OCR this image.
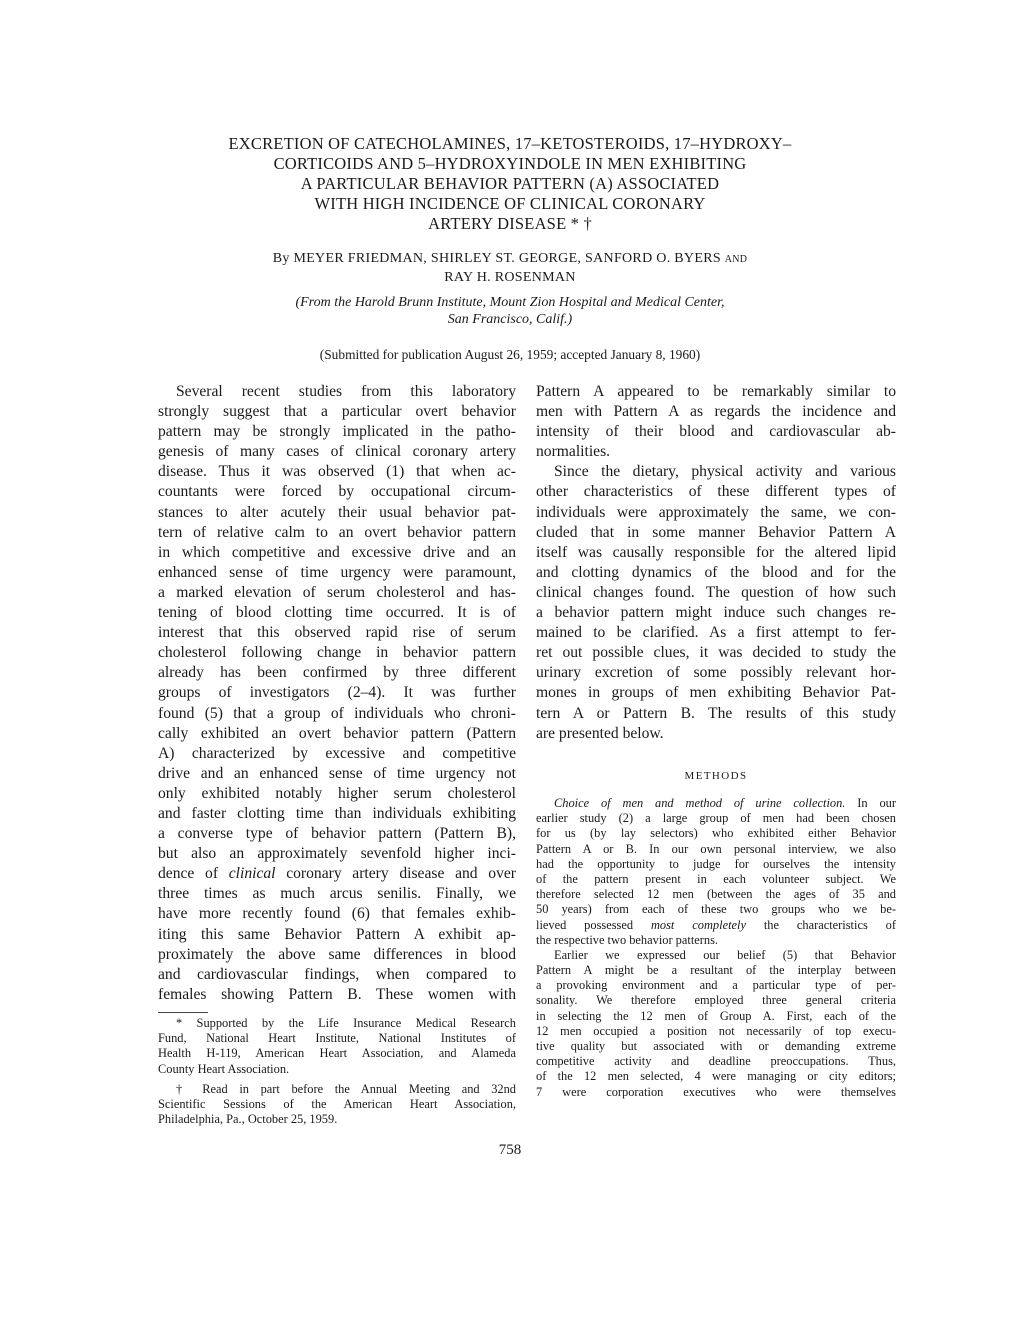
EXCRETION OF CATECHOLAMINES, 17–KETOSTEROIDS, 17–HYDROXY–
CORTICOIDS AND 5–HYDROXYINDOLE IN MEN EXHIBITING
A PARTICULAR BEHAVIOR PATTERN (A) ASSOCIATED
WITH HIGH INCIDENCE OF CLINICAL CORONARY
ARTERY DISEASE * †
By MEYER FRIEDMAN, SHIRLEY ST. GEORGE, SANFORD O. BYERS AND
RAY H. ROSENMAN
(From the Harold Brunn Institute, Mount Zion Hospital and Medical Center,
San Francisco, Calif.)
(Submitted for publication August 26, 1959; accepted January 8, 1960)
Several recent studies from this laboratory
strongly suggest that a particular overt behavior
pattern may be strongly implicated in the patho-
genesis of many cases of clinical coronary artery
disease. Thus it was observed (1) that when ac-
countants were forced by occupational circum-
stances to alter acutely their usual behavior pat-
tern of relative calm to an overt behavior pattern
in which competitive and excessive drive and an
enhanced sense of time urgency were paramount,
a marked elevation of serum cholesterol and has-
tening of blood clotting time occurred. It is of
interest that this observed rapid rise of serum
cholesterol following change in behavior pattern
already has been confirmed by three different
groups of investigators (2–4). It was further
found (5) that a group of individuals who chroni-
cally exhibited an overt behavior pattern (Pattern
A) characterized by excessive and competitive
drive and an enhanced sense of time urgency not
only exhibited notably higher serum cholesterol
and faster clotting time than individuals exhibiting
a converse type of behavior pattern (Pattern B),
but also an approximately sevenfold higher inci-
dence of clinical coronary artery disease and over
three times as much arcus senilis. Finally, we
have more recently found (6) that females exhib-
iting this same Behavior Pattern A exhibit ap-
proximately the above same differences in blood
and cardiovascular findings, when compared to
females showing Pattern B. These women with
* Supported by the Life Insurance Medical Research
Fund, National Heart Institute, National Institutes of
Health H-119, American Heart Association, and Alameda
County Heart Association.
† Read in part before the Annual Meeting and 32nd
Scientific Sessions of the American Heart Association,
Philadelphia, Pa., October 25, 1959.
Pattern A appeared to be remarkably similar to
men with Pattern A as regards the incidence and
intensity of their blood and cardiovascular ab-
normalities.
Since the dietary, physical activity and various
other characteristics of these different types of
individuals were approximately the same, we con-
cluded that in some manner Behavior Pattern A
itself was causally responsible for the altered lipid
and clotting dynamics of the blood and for the
clinical changes found. The question of how such
a behavior pattern might induce such changes re-
mained to be clarified. As a first attempt to fer-
ret out possible clues, it was decided to study the
urinary excretion of some possibly relevant hor-
mones in groups of men exhibiting Behavior Pat-
tern A or Pattern B. The results of this study
are presented below.
METHODS
Choice of men and method of urine collection. In our
earlier study (2) a large group of men had been chosen
for us (by lay selectors) who exhibited either Behavior
Pattern A or B. In our own personal interview, we also
had the opportunity to judge for ourselves the intensity
of the pattern present in each volunteer subject. We
therefore selected 12 men (between the ages of 35 and
50 years) from each of these two groups who we be-
lieved possessed most completely the characteristics of
the respective two behavior patterns.
Earlier we expressed our belief (5) that Behavior
Pattern A might be a resultant of the interplay between
a provoking environment and a particular type of per-
sonality. We therefore employed three general criteria
in selecting the 12 men of Group A. First, each of the
12 men occupied a position not necessarily of top execu-
tive quality but associated with or demanding extreme
competitive activity and deadline preoccupations. Thus,
of the 12 men selected, 4 were managing or city editors;
7 were corporation executives who were themselves
758
